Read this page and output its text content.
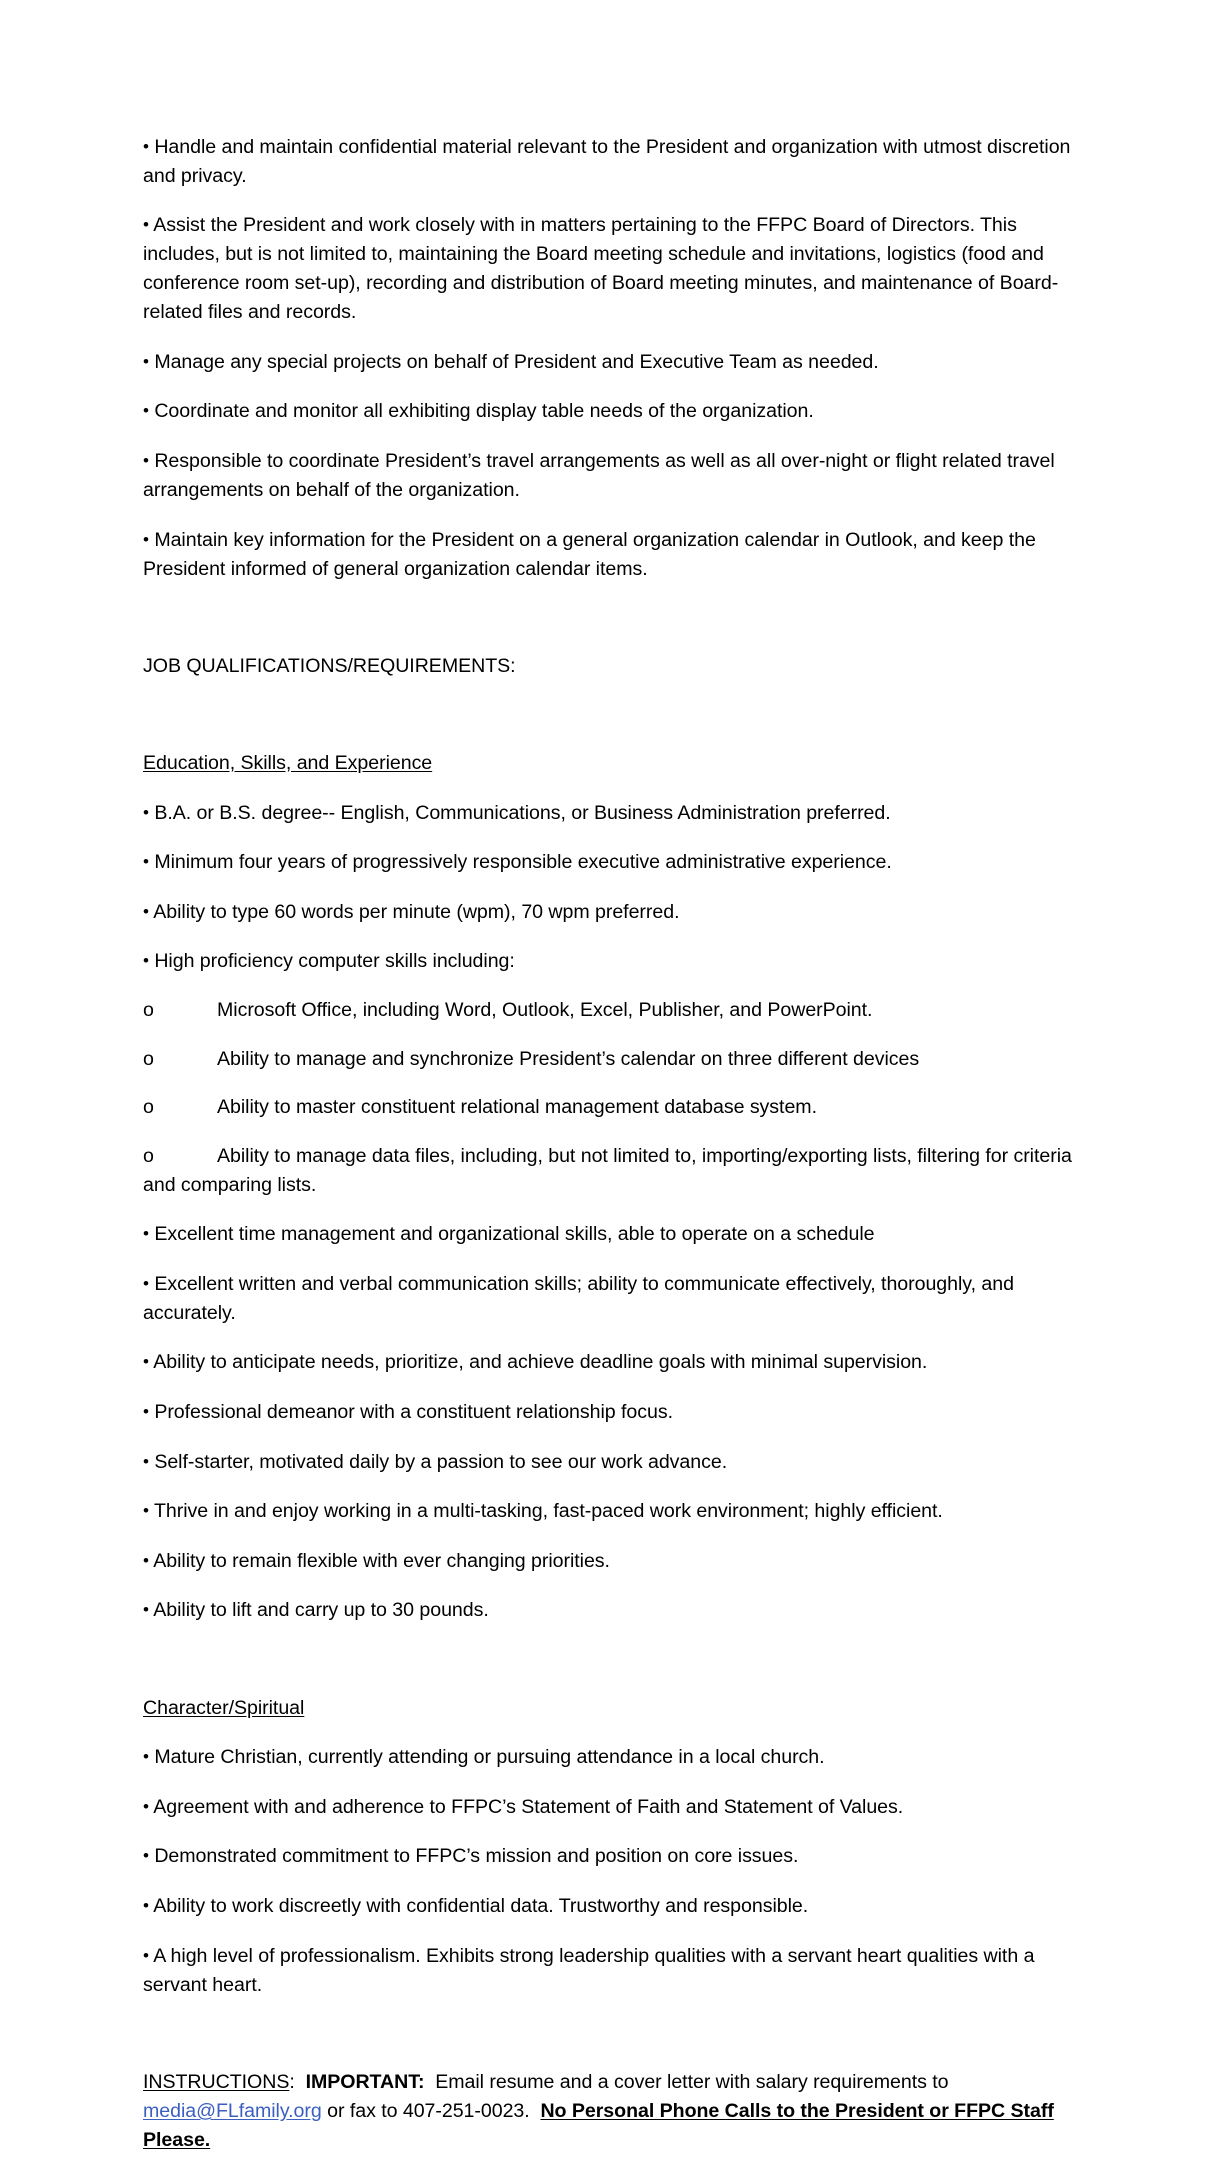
• Handle and maintain confidential material relevant to the President and organization with utmost discretion and privacy.

• Assist the President and work closely with in matters pertaining to the FFPC Board of Directors. This includes, but is not limited to, maintaining the Board meeting schedule and invitations, logistics (food and conference room set-up), recording and distribution of Board meeting minutes, and maintenance of Board-related files and records.

• Manage any special projects on behalf of President and Executive Team as needed.

• Coordinate and monitor all exhibiting display table needs of the organization.

• Responsible to coordinate President’s travel arrangements as well as all over-night or flight related travel arrangements on behalf of the organization.

• Maintain key information for the President on a general organization calendar in Outlook, and keep the President informed of general organization calendar items.

JOB QUALIFICATIONS/REQUIREMENTS:

Education, Skills, and Experience

• B.A. or B.S. degree-- English, Communications, or Business Administration preferred.

• Minimum four years of progressively responsible executive administrative experience.

• Ability to type 60 words per minute (wpm), 70 wpm preferred.

• High proficiency computer skills including:

o	Microsoft Office, including Word, Outlook, Excel, Publisher, and PowerPoint.

o	Ability to manage and synchronize President’s calendar on three different devices

o	Ability to master constituent relational management database system.

o	Ability to manage data files, including, but not limited to, importing/exporting lists, filtering for criteria and comparing lists.

• Excellent time management and organizational skills, able to operate on a schedule

• Excellent written and verbal communication skills; ability to communicate effectively, thoroughly, and accurately.

• Ability to anticipate needs, prioritize, and achieve deadline goals with minimal supervision.

• Professional demeanor with a constituent relationship focus.

• Self-starter, motivated daily by a passion to see our work advance.

• Thrive in and enjoy working in a multi-tasking, fast-paced work environment; highly efficient.

• Ability to remain flexible with ever changing priorities.

• Ability to lift and carry up to 30 pounds.

Character/Spiritual

• Mature Christian, currently attending or pursuing attendance in a local church.

• Agreement with and adherence to FFPC’s Statement of Faith and Statement of Values.

• Demonstrated commitment to FFPC’s mission and position on core issues.

• Ability to work discreetly with confidential data. Trustworthy and responsible.

• A high level of professionalism. Exhibits strong leadership qualities with a servant heart qualities with a servant heart.

INSTRUCTIONS: IMPORTANT: Email resume and a cover letter with salary requirements to media@FLfamily.org or fax to 407-251-0023. No Personal Phone Calls to the President or FFPC Staff Please.
